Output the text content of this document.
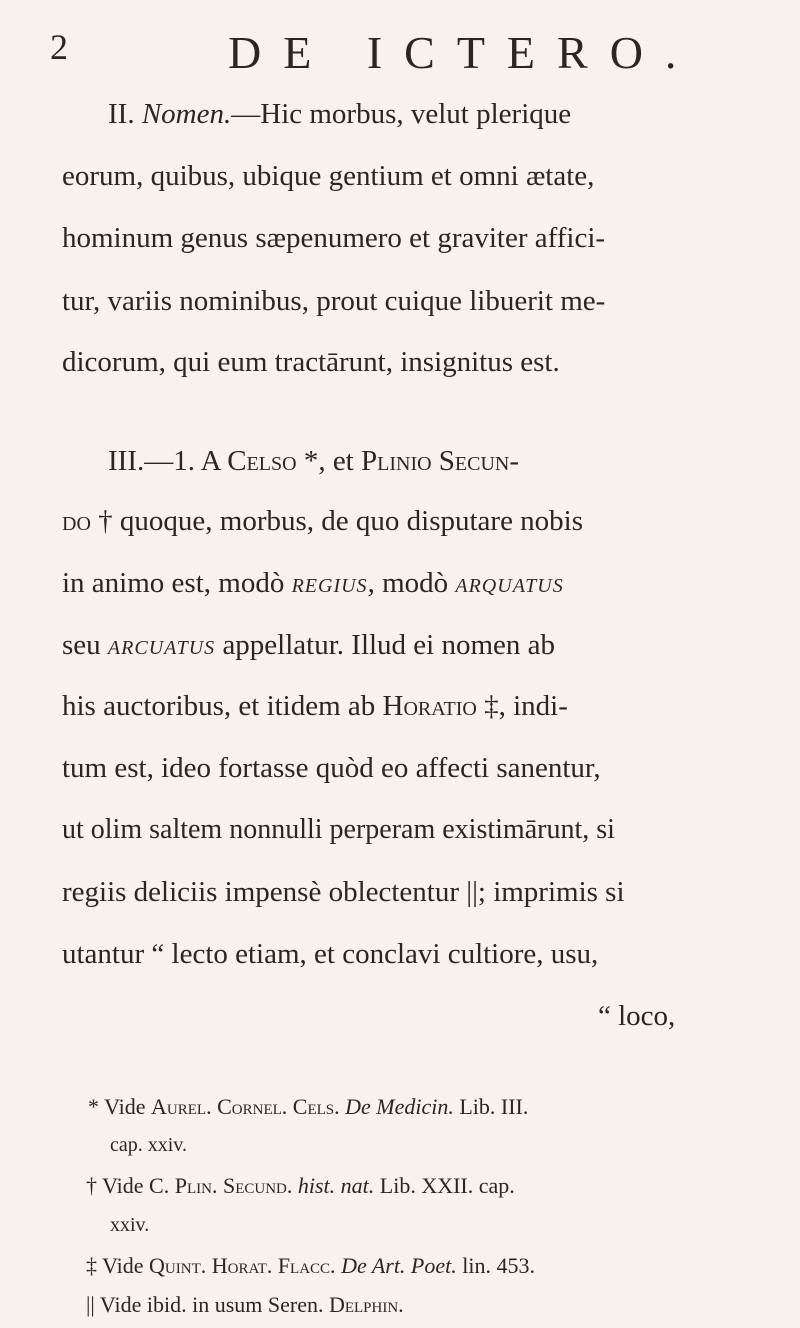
2	DE ICTERO.
II. Nomen.—Hic morbus, velut plerique
eorum, quibus, ubique gentium et omni ætate,
hominum genus sæpenumero et graviter affici-
tur, variis nominibus, prout cuique libuerit me-
dicorum, qui eum tractārunt, insignitus est.
III.—1. A Celso *, et Plinio Secun-
do † quoque, morbus, de quo disputare nobis
in animo est, modò REGIUS, modò ARQUATUS
seu ARCUATUS appellatur. Illud ei nomen ab
his auctoribus, et itidem ab Horatio ‡, indi-
tum est, ideo fortasse quòd eo affecti sanentur,
ut olim saltem nonnulli perperam existimārunt, si
regiis deliciis impensè oblectentur ||; imprimis si
utantur “ lecto etiam, et conclavi cultiore, usu,
“ loco,
* Vide Aurel. Cornel. Cels. De Medicin. Lib. III.
cap. xxiv.
† Vide C. Plin. Secund. hist. nat. Lib. XXII. cap.
xxiv.
‡ Vide Quint. Horat. Flacc. De Art. Poet. lin. 453.
|| Vide ibid. in usum Seren. Delphin.
